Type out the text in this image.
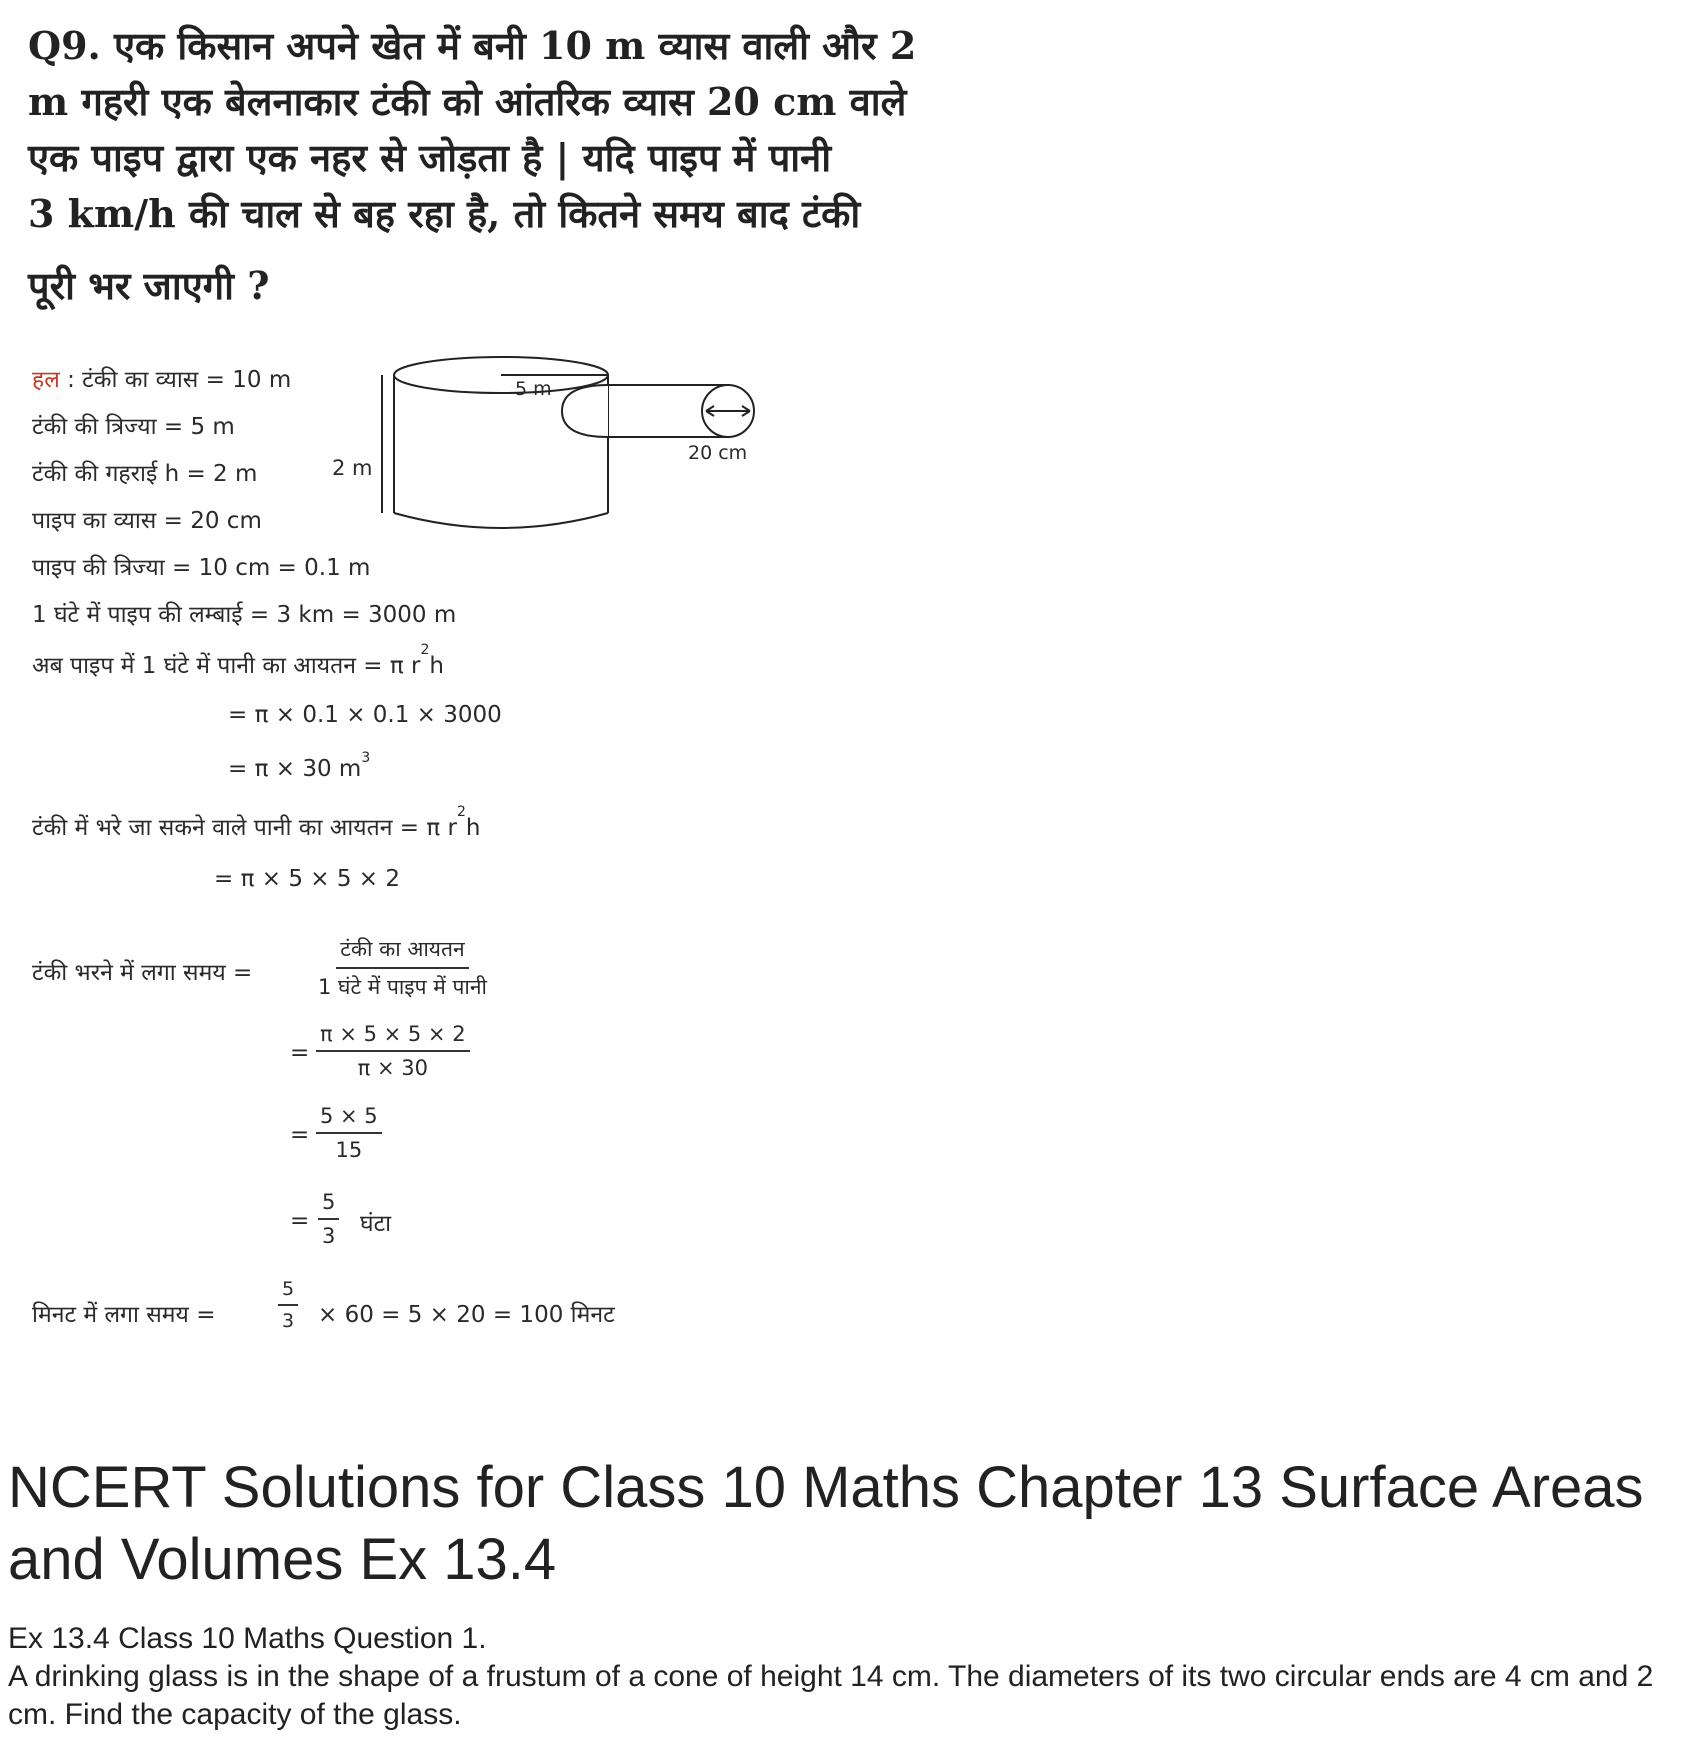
Q9. एक किसान अपने खेत में बनी 10 m व्यास वाली और 2
m गहरी एक बेलनाकार टंकी को आंतरिक व्यास 20 cm वाले
एक पाइप द्वारा एक नहर से जोड़ता है | यदि पाइप में पानी
3 km/h की चाल से बह रहा है, तो कितने समय बाद टंकी
पूरी भर जाएगी ?
हल : टंकी का व्यास = 10 m
टंकी की त्रिज्या = 5 m
टंकी की गहराई h = 2 m
पाइप का व्यास = 20 cm
पाइप की त्रिज्या = 10 cm = 0.1 m
1 घंटे में पाइप की लम्बाई = 3 km = 3000 m
अब पाइप में 1 घंटे में पानी का आयतन = π $r^2h$
= π × 0.1 × 0.1 × 3000
= π × 30 $m^3$
टंकी में भरे जा सकने वाले पानी का आयतन = π $r^2h$
= π × 5 × 5 × 2
टंकी भरने में लगा समय =
टंकी का आयतन
1 घंटे में पाइप में पानी
= $\frac{\pi \times 5 \times 5 \times 2}{\pi \times 30}$
= $\frac{5 \times 5}{15}$
= $\frac{5}{3}$ घंटा
मिनट में लगा समय =	$\frac{5}{3} \times 60 = 5 \times 20 = 100$ मिनट
2 m
5 m
20 cm
NCERT Solutions for Class 10 Maths Chapter 13 Surface Areas and Volumes Ex 13.4

Ex 13.4 Class 10 Maths Question 1.

A drinking glass is in the shape of a frustum of a cone of height 14 cm. The diameters of its two circular ends are 4 cm and 2 cm. Find the capacity of the glass.
